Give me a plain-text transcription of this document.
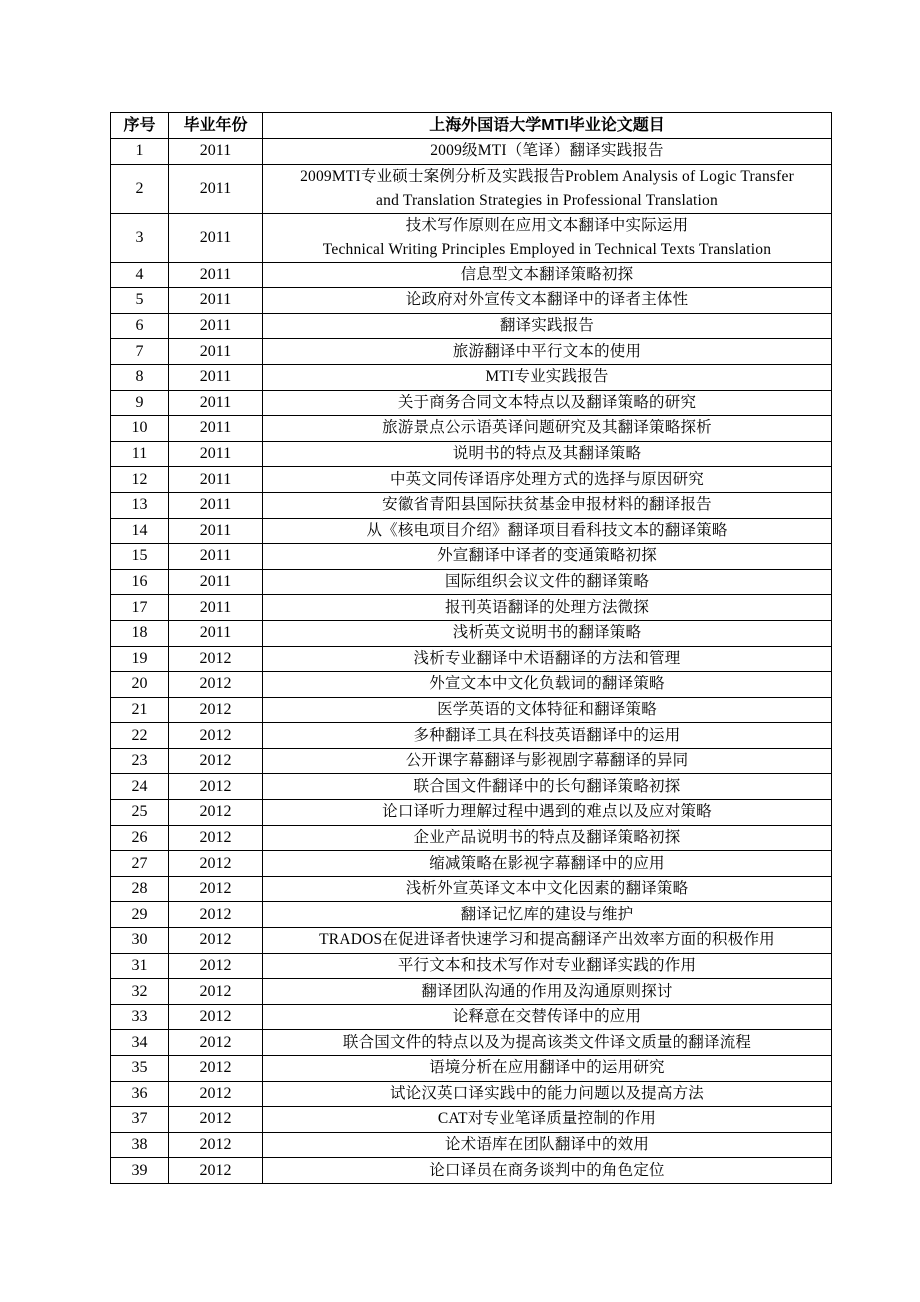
序号	毕业年份	上海外国语大学MTI毕业论文题目
1	2011	2009级MTI（笔译）翻译实践报告

2	2011	2009MTI专业硕士案例分析及实践报告Problem Analysis of Logic Transfer
and Translation Strategies in Professional Translation

3	2011	技术写作原则在应用文本翻译中实际运用
Technical Writing Principles Employed in Technical Texts Translation

4	2011	信息型文本翻译策略初探

5	2011	论政府对外宣传文本翻译中的译者主体性

6	2011	翻译实践报告

7	2011	旅游翻译中平行文本的使用

8	2011	MTI专业实践报告

9	2011	关于商务合同文本特点以及翻译策略的研究

10	2011	旅游景点公示语英译问题研究及其翻译策略探析

11	2011	说明书的特点及其翻译策略

12	2011	中英文同传译语序处理方式的选择与原因研究

13	2011	安徽省青阳县国际扶贫基金申报材料的翻译报告

14	2011	从《核电项目介绍》翻译项目看科技文本的翻译策略

15	2011	外宣翻译中译者的变通策略初探

16	2011	国际组织会议文件的翻译策略

17	2011	报刊英语翻译的处理方法微探

18	2011	浅析英文说明书的翻译策略

19	2012	浅析专业翻译中术语翻译的方法和管理

20	2012	外宣文本中文化负载词的翻译策略

21	2012	医学英语的文体特征和翻译策略

22	2012	多种翻译工具在科技英语翻译中的运用

23	2012	公开课字幕翻译与影视剧字幕翻译的异同

24	2012	联合国文件翻译中的长句翻译策略初探

25	2012	论口译听力理解过程中遇到的难点以及应对策略

26	2012	企业产品说明书的特点及翻译策略初探

27	2012	缩减策略在影视字幕翻译中的应用

28	2012	浅析外宣英译文本中文化因素的翻译策略

29	2012	翻译记忆库的建设与维护

30	2012	TRADOS在促进译者快速学习和提高翻译产出效率方面的积极作用

31	2012	平行文本和技术写作对专业翻译实践的作用

32	2012	翻译团队沟通的作用及沟通原则探讨

33	2012	论释意在交替传译中的应用

34	2012	联合国文件的特点以及为提高该类文件译文质量的翻译流程

35	2012	语境分析在应用翻译中的运用研究

36	2012	试论汉英口译实践中的能力问题以及提高方法

37	2012	CAT对专业笔译质量控制的作用

38	2012	论术语库在团队翻译中的效用

39	2012	论口译员在商务谈判中的角色定位
